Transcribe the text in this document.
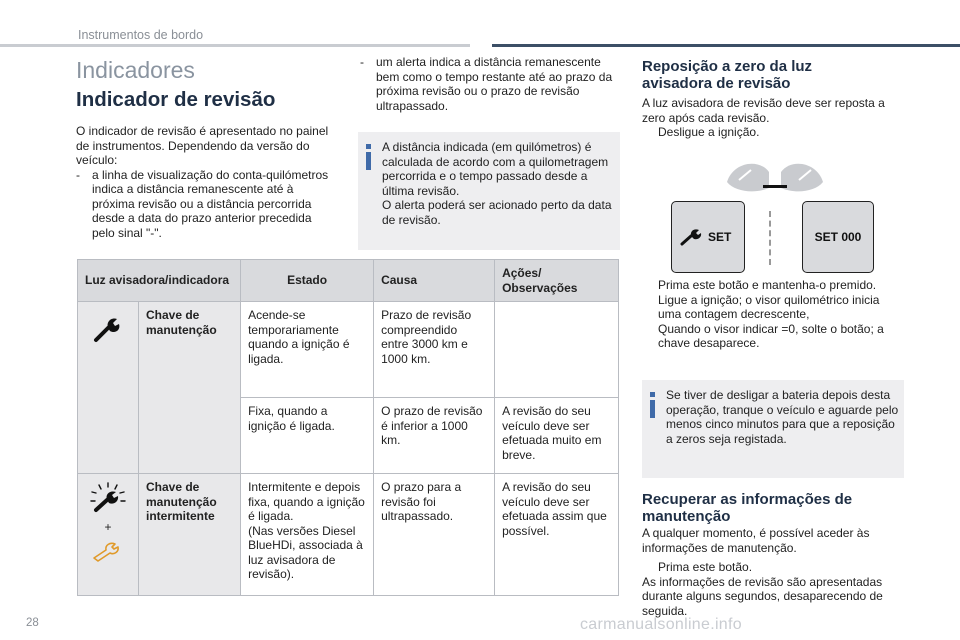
Instrumentos de bordo
Indicadores
Indicador de revisão
O indicador de revisão é apresentado no painel de instrumentos. Dependendo da versão do veículo:
- a linha de visualização do conta-quilómetros indica a distância remanescente até à próxima revisão ou a distância percorrida desde a data do prazo anterior precedida pelo sinal "-".
- um alerta indica a distância remanescente bem como o tempo restante até ao prazo da próxima revisão ou o prazo de revisão ultrapassado.
A distância indicada (em quilómetros) é calculada de acordo com a quilometragem percorrida e o tempo passado desde a última revisão.
O alerta poderá ser acionado perto da data de revisão.
Luz avisadora/indicadora		Estado	Causa	Ações/ Observações
	Chave de manutenção	Acende-se temporariamente quando a ignição é ligada.	Prazo de revisão compreendido entre 3000 km e 1000 km.	
		Fixa, quando a ignição é ligada.	O prazo de revisão é inferior a 1000 km.	A revisão do seu veículo deve ser efetuada muito em breve.

+	Chave de manutenção intermitente	Intermitente e depois fixa, quando a ignição é ligada.
(Nas versões Diesel BlueHDi, associada à luz avisadora de revisão).	O prazo para a revisão foi ultrapassado.	A revisão do seu veículo deve ser efetuada assim que possível.
Reposição a zero da luz avisadora de revisão
A luz avisadora de revisão deve ser reposta a zero após cada revisão.
Desligue a ignição.
SET	SET 000
Prima este botão e mantenha-o premido.
Ligue a ignição; o visor quilométrico inicia uma contagem decrescente,
Quando o visor indicar =0, solte o botão; a chave desaparece.
Se tiver de desligar a bateria depois desta operação, tranque o veículo e aguarde pelo menos cinco minutos para que a reposição a zeros seja registada.
Recuperar as informações de manutenção
A qualquer momento, é possível aceder às informações de manutenção.
Prima este botão.
As informações de revisão são apresentadas durante alguns segundos, desaparecendo de seguida.
28	carmanualsonline.info
